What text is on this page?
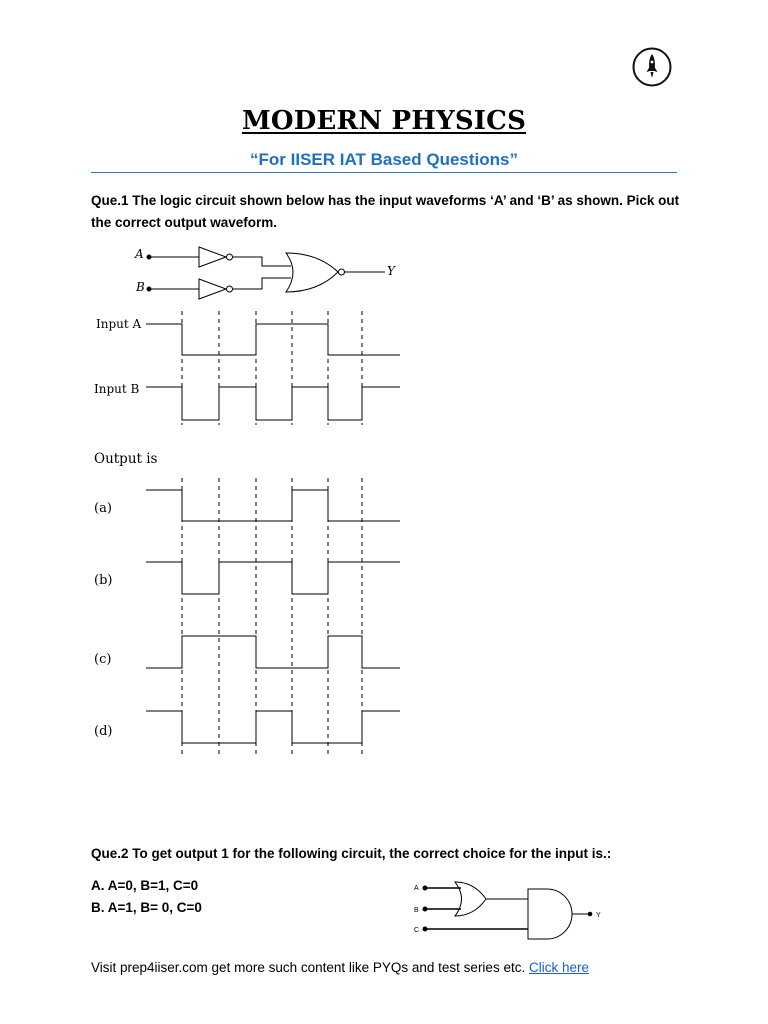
MODERN PHYSICS
“For IISER IAT Based Questions”
Que.1 The logic circuit shown below has the input waveforms ‘A’ and ‘B’ as shown. Pick out the correct output waveform.
A
B
Y
Input A
Input B
Output is
(a)
(b)
(c)
(d)
A
B
C
Y
Que.2 To get output 1 for the following circuit, the correct choice for the input is.:
A. A=0, B=1, C=0
B. A=1, B= 0, C=0
Visit prep4iiser.com get more such content like PYQs and test series etc. Click here
